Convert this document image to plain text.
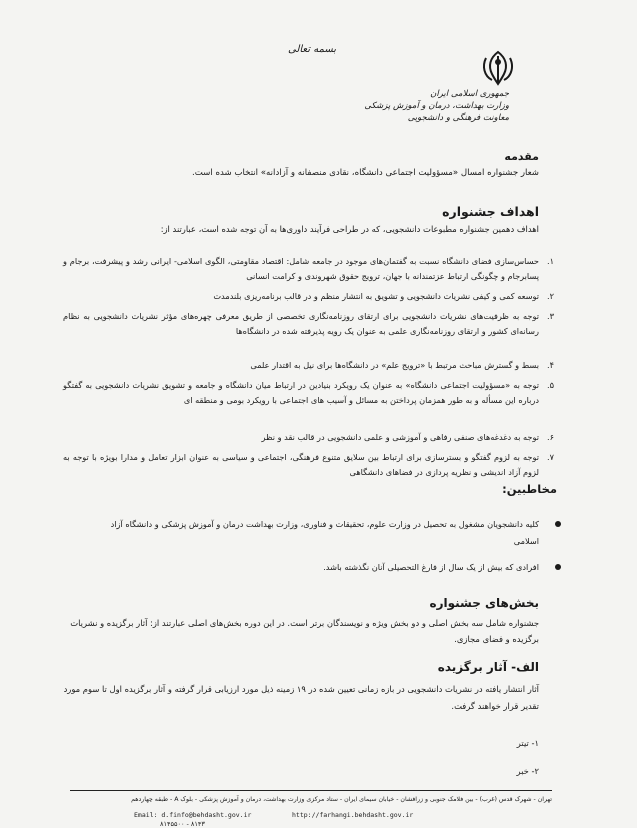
بسمه تعالی
جمهوری اسلامی ایران
وزارت بهداشت، درمان و آموزش پزشکی
معاونت فرهنگی و دانشجویی
مقدمه
شعار جشنواره امسال «مسؤولیت اجتماعی دانشگاه، نقادی منصفانه و آزادانه» انتخاب شده است.
اهداف جشنواره
اهداف دهمین جشنواره مطبوعات دانشجویی، که در طراحی فرآیند داوری‌ها به آن توجه شده است، عبارتند از:
۱.
حساس‌سازی فضای دانشگاه نسبت به گفتمان‌های موجود در جامعه شامل: اقتصاد مقاومتی، الگوی اسلامی- ایرانی رشد و پیشرفت، برجام و پسابرجام و چگونگی ارتباط عزتمندانه با جهان، ترویج حقوق شهروندی و کرامت انسانی
۲.
توسعه کمی و کیفی نشریات دانشجویی و تشویق به انتشار منظم و در قالب برنامه‌ریزی بلندمدت
۳.
توجه به ظرفیت‌های نشریات دانشجویی برای ارتقای روزنامه‌نگاری تخصصی از طریق معرفی چهره‌های مؤثر نشریات دانشجویی به نظام رسانه‌ای کشور و ارتقای روزنامه‌نگاری علمی به عنوان یک رویه پذیرفته شده در دانشگاه‌ها
۴.
بسط و گسترش مباحث مرتبط با «ترویج علم» در دانشگاه‌ها برای نیل به اقتدار علمی
۵.
توجه به «مسؤولیت اجتماعی دانشگاه» به عنوان یک رویکرد بنیادین در ارتباط میان دانشگاه و جامعه و تشویق نشریات دانشجویی به گفتگو درباره این مسأله و به طور همزمان پرداختن به مسائل و آسیب های اجتماعی با رویکرد بومی و منطقه ای
۶.
توجه به دغدغه‌های صنفی رفاهی و آموزشی و علمی دانشجویی در قالب نقد و نظر
۷.
توجه به لزوم گفتگو و بسترسازی برای ارتباط بین سلایق متنوع فرهنگی، اجتماعی و سیاسی به عنوان ابزار تعامل و مدارا بویژه با توجه به لزوم آزاد اندیشی و نظریه پردازی در فضاهای دانشگاهی
مخاطبین:
کلیه دانشجویان مشغول به تحصیل در وزارت علوم، تحقیقات و فناوری، وزارت بهداشت درمان و آموزش پزشکی و دانشگاه آزاد اسلامی
افرادی که بیش از یک سال از فارغ التحصیلی آنان نگذشته باشد.
بخش‌های جشنواره
جشنواره شامل سه بخش اصلی و دو بخش ویژه و نویسندگان برتر است. در این دوره بخش‌های اصلی عبارتند از: آثار برگزیده و نشریات برگزیده و فضای مجازی.
الف- آثار برگزیده
آثار انتشار یافته در نشریات دانشجویی در بازه زمانی تعیین شده در ۱۹ زمینه ذیل مورد ارزیابی قرار گرفته و آثار برگزیده اول تا سوم مورد تقدیر قرار خواهند گرفت.
۱- تیتر
۲- خبر
تهران - شهرک قدس (غرب) - بین فلامک جنوبی و زرافشان - خیابان سیمای ایران - ستاد مرکزی وزارت بهداشت، درمان و آموزش پزشکی - بلوک A - طبقه چهاردهم
http://farhangi.behdasht.gov.ir
Email: d.finfo@behdasht.gov.ir
۸۱۴۵۵۰۰ - ۸۱۴۳
